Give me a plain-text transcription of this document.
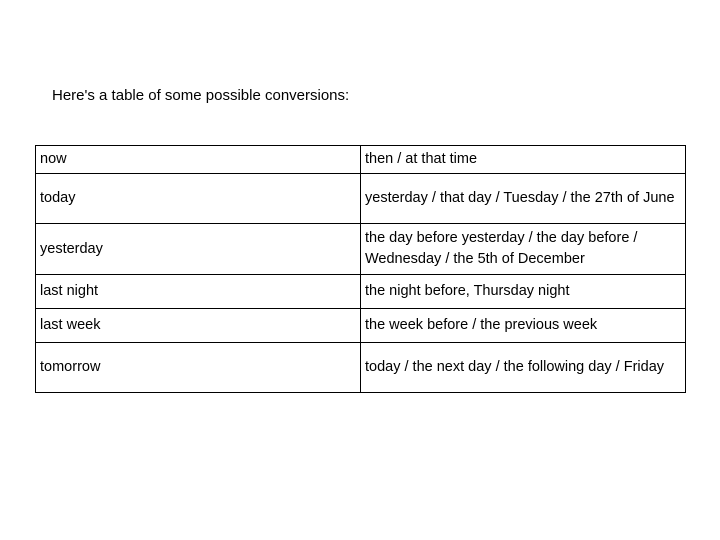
Here's a table of some possible conversions:
now	then / at that time
today	yesterday / that day / Tuesday / the 27th of June
yesterday	the day before yesterday / the day before / Wednesday / the 5th of December
last night	the night before, Thursday night
last week	the week before / the previous week
tomorrow	today / the next day / the following day / Friday
